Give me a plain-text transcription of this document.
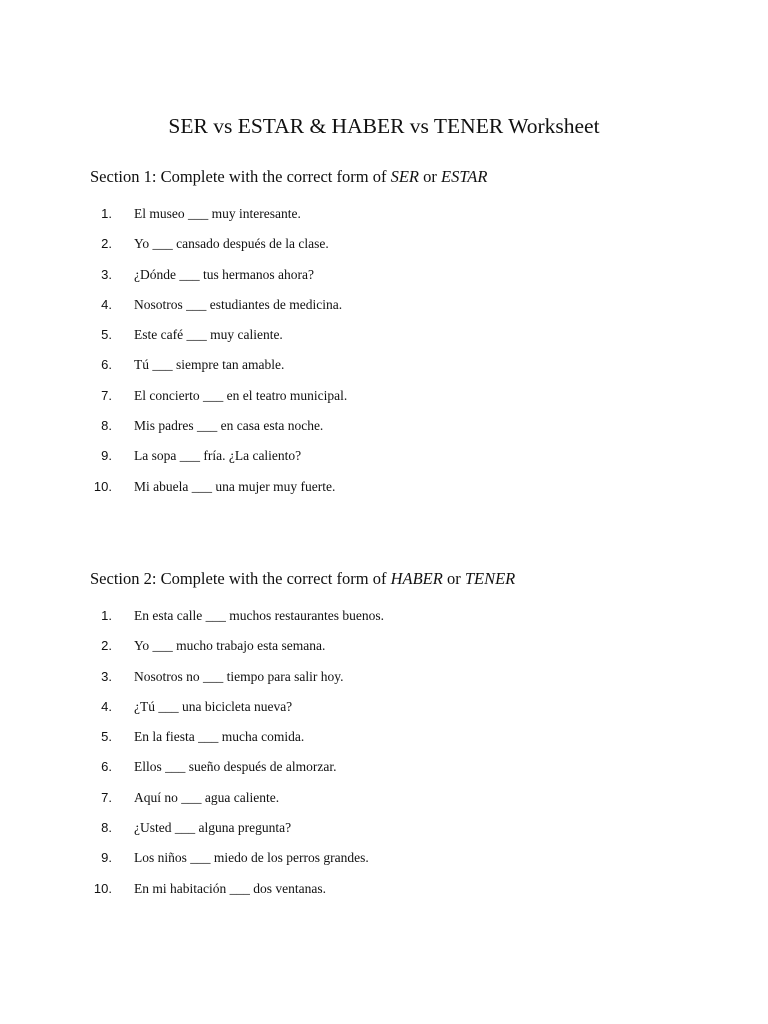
SER vs ESTAR & HABER vs TENER Worksheet
Section 1: Complete with the correct form of SER or ESTAR
1. El museo ___ muy interesante.
2. Yo ___ cansado después de la clase.
3. ¿Dónde ___ tus hermanos ahora?
4. Nosotros ___ estudiantes de medicina.
5. Este café ___ muy caliente.
6. Tú ___ siempre tan amable.
7. El concierto ___ en el teatro municipal.
8. Mis padres ___ en casa esta noche.
9. La sopa ___ fría. ¿La caliento?
10. Mi abuela ___ una mujer muy fuerte.
Section 2: Complete with the correct form of HABER or TENER
1. En esta calle ___ muchos restaurantes buenos.
2. Yo ___ mucho trabajo esta semana.
3. Nosotros no ___ tiempo para salir hoy.
4. ¿Tú ___ una bicicleta nueva?
5. En la fiesta ___ mucha comida.
6. Ellos ___ sueño después de almorzar.
7. Aquí no ___ agua caliente.
8. ¿Usted ___ alguna pregunta?
9. Los niños ___ miedo de los perros grandes.
10. En mi habitación ___ dos ventanas.
